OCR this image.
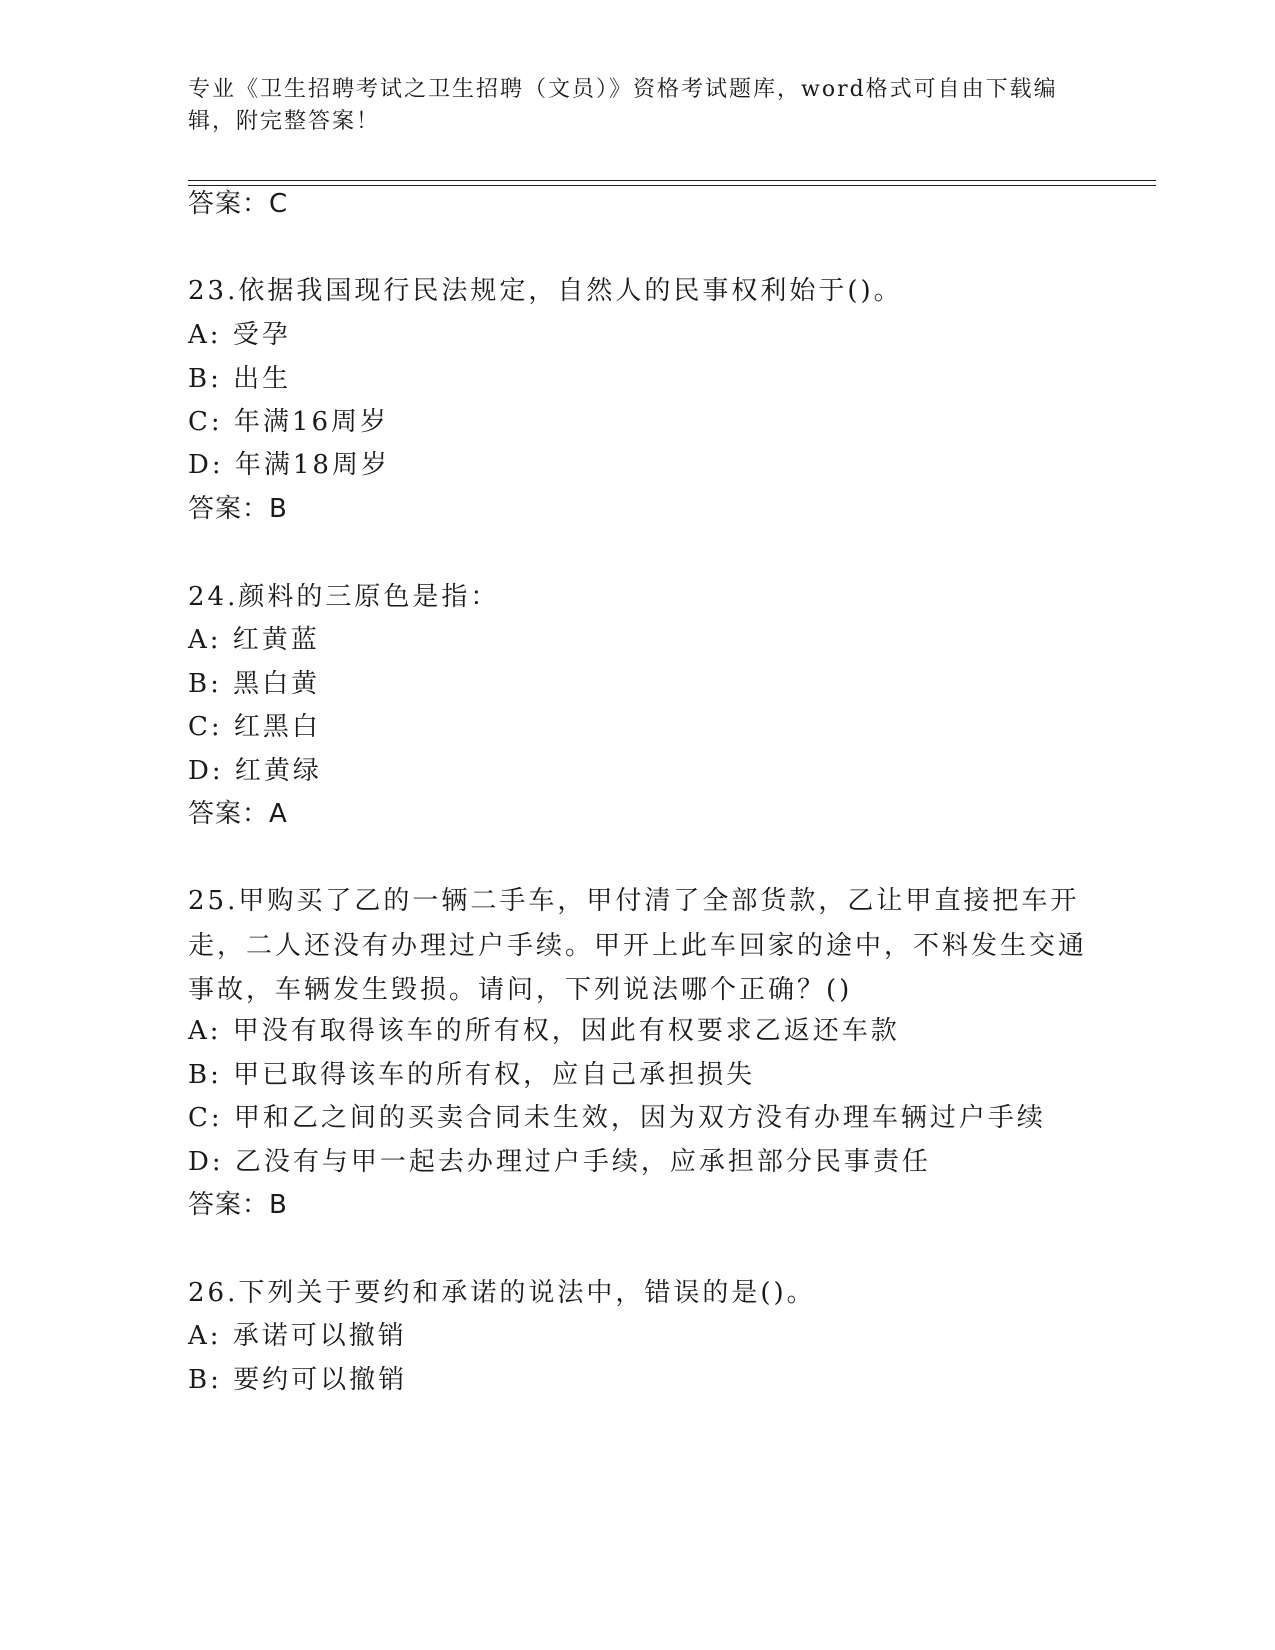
专业《卫生招聘考试之卫生招聘（文员）》资格考试题库，word格式可自由下载编辑，附完整答案！
答案：C
23.依据我国现行民法规定，自然人的民事权利始于()。
A: 受孕
B: 出生
C: 年满16周岁
D: 年满18周岁
答案：B
24.颜料的三原色是指：
A: 红黄蓝
B: 黑白黄
C: 红黑白
D: 红黄绿
答案：A
25.甲购买了乙的一辆二手车，甲付清了全部货款，乙让甲直接把车开走，二人还没有办理过户手续。甲开上此车回家的途中，不料发生交通事故，车辆发生毁损。请问，下列说法哪个正确？()
A: 甲没有取得该车的所有权，因此有权要求乙返还车款
B: 甲已取得该车的所有权，应自己承担损失
C: 甲和乙之间的买卖合同未生效，因为双方没有办理车辆过户手续
D: 乙没有与甲一起去办理过户手续，应承担部分民事责任
答案：B
26.下列关于要约和承诺的说法中，错误的是()。
A: 承诺可以撤销
B: 要约可以撤销
